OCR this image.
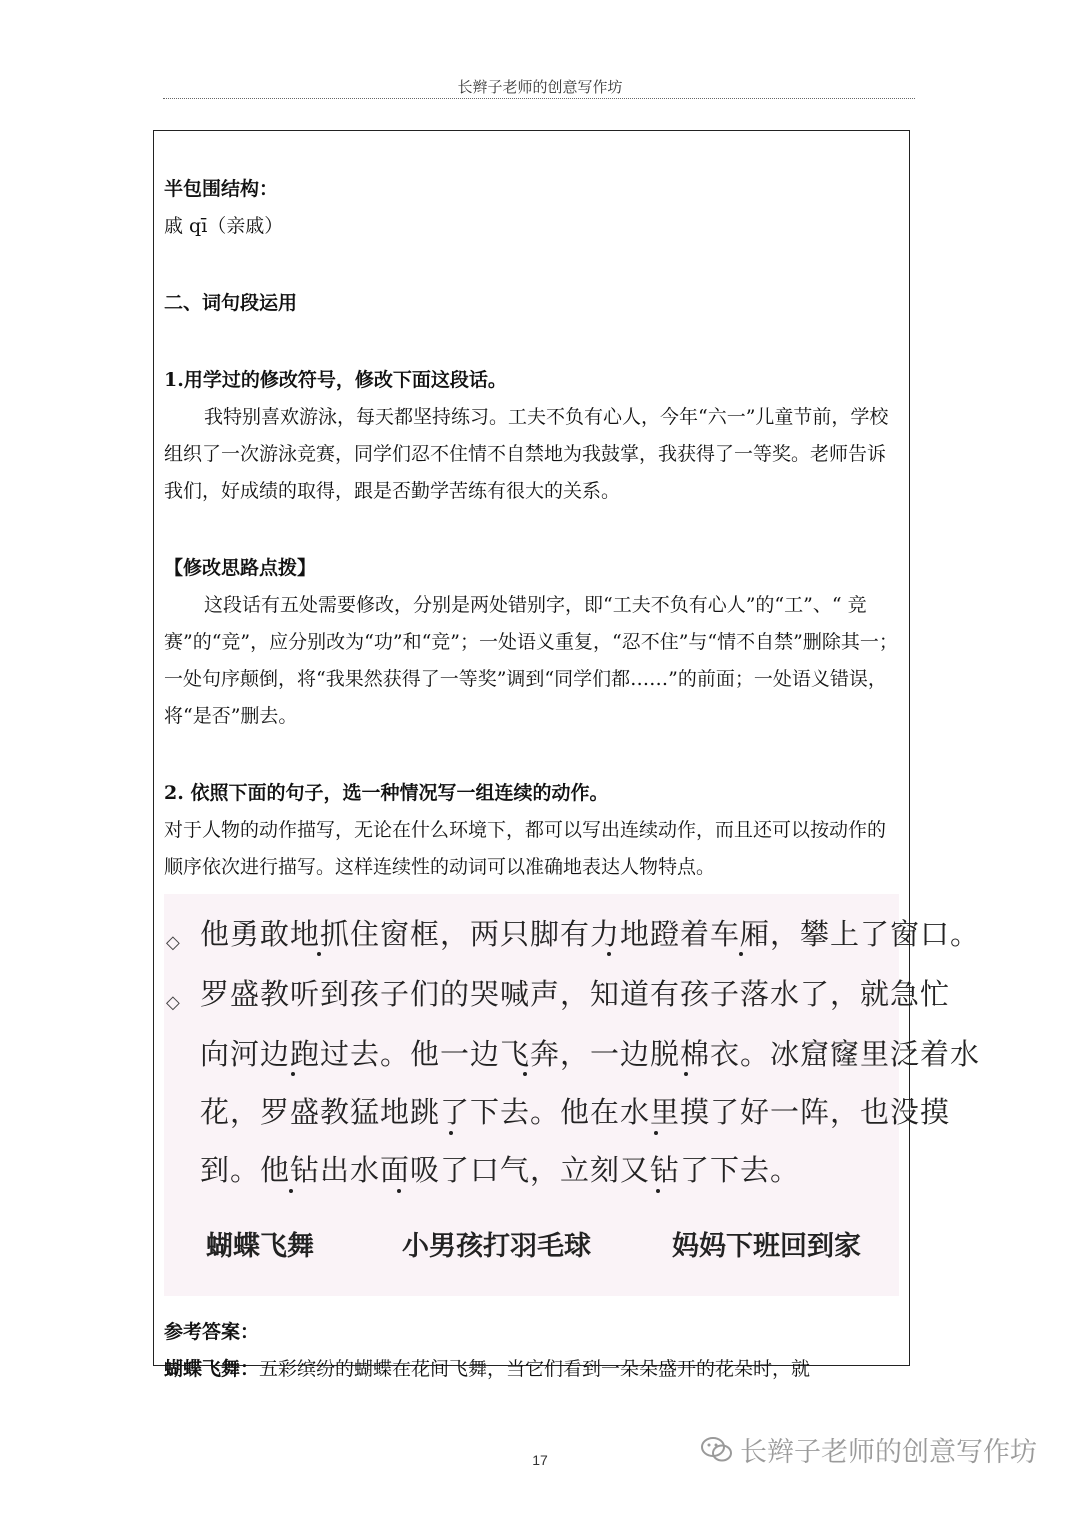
长辫子老师的创意写作坊

半包围结构：

戚 qī（亲戚）

二、词句段运用

1.用学过的修改符号，修改下面这段话。

我特别喜欢游泳，每天都坚持练习。工夫不负有心人，今年“六一”儿童节前，学校组织了一次游泳竞赛，同学们忍不住情不自禁地为我鼓掌，我获得了一等奖。老师告诉我们，好成绩的取得，跟是否勤学苦练有很大的关系。

【修改思路点拨】

这段话有五处需要修改，分别是两处错别字，即“工夫不负有心人”的“工”、“ 竞赛”的“竞”，应分别改为“功”和“竞”；一处语义重复，“忍不住”与“情不自禁”删除其一；一处句序颠倒，将“我果然获得了一等奖”调到“同学们都……”的前面；一处语义错误，将“是否”删去。

2. 依照下面的句子，选一种情况写一组连续的动作。

对于人物的动作描写，无论在什么环境下，都可以写出连续动作，而且还可以按动作的顺序依次进行描写。这样连续性的动词可以准确地表达人物特点。

◇ 他勇敢地抓住窗框，两只脚有力地蹬着车厢，攀上了窗口。
◇ 罗盛教听到孩子们的哭喊声，知道有孩子落水了，就急忙
向河边跑过去。他一边飞奔，一边脱棉衣。冰窟窿里泛着水
花，罗盛教猛地跳了下去。他在水里摸了好一阵，也没摸
到。他钻出水面吸了口气，立刻又钻了下去。
蝴蝶飞舞	小男孩打羽毛球	妈妈下班回到家

参考答案：

蝴蝶飞舞：五彩缤纷的蝴蝶在花间飞舞，当它们看到一朵朵盛开的花朵时，就

17	长辫子老师的创意写作坊
